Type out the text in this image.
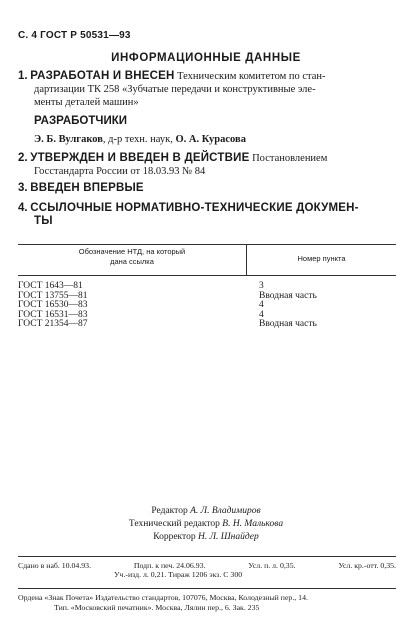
С. 4 ГОСТ Р 50531—93
ИНФОРМАЦИОННЫЕ ДАННЫЕ
1. РАЗРАБОТАН И ВНЕСЕН Техническим комитетом по стан-
дартизации ТК 258 «Зубчатые передачи и конструктивные эле-
менты деталей машин»
РАЗРАБОТЧИКИ
Э. Б. Вулгаков, д-р техн. наук, О. А. Курасова
2. УТВЕРЖДЕН И ВВЕДЕН В ДЕЙСТВИЕ Постановлением
Госстандарта России от 18.03.93 № 84
3. ВВЕДЕН ВПЕРВЫЕ
4. ССЫЛОЧНЫЕ НОРМАТИВНО-ТЕХНИЧЕСКИЕ ДОКУМЕН-
ТЫ
Обозначение НТД, на который
дана ссылка	Номер пункта
ГОСТ 1643—81	3
ГОСТ 13755—81	Вводная часть
ГОСТ 16530—83	4
ГОСТ 16531—83	4
ГОСТ 21354—87	Вводная часть
Редактор А. Л. Владимиров
Технический редактор В. Н. Малькова
Корректор Н. Л. Шнайдер
Сдано в наб. 10.04.93.	Подп. к печ. 24.06.93.	Усл. п. л. 0,35.	Усл. кр.-отт. 0,35.
Уч.-изд. л. 0,21. Тираж 1206 экз. С 300
Ордена «Знак Почета» Издательство стандартов, 107076, Москва, Колодезный пер., 14.
Тип. «Московский печатник». Москва, Лялин пер., 6. Зак. 235
